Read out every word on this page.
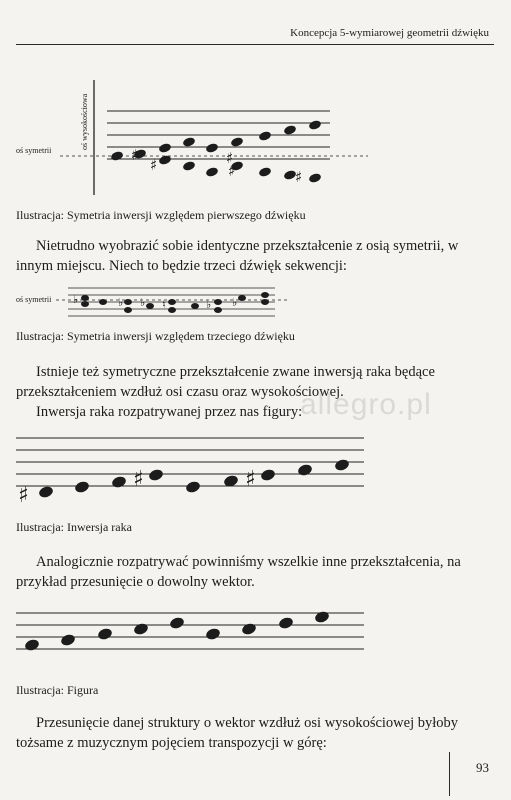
Koncepcja 5-wymiarowej geometrii dźwięku
oś symetrii
oś wysokościowa
♯
♯	♯
♯	♯
Ilustracja: Symetria inwersji względem pierwszego dźwięku
Nietrudno wyobrazić sobie identyczne przekształcenie z osią symetrii, w innym miejscu. Niech to będzie trzeci dźwięk sekwencji:
oś symetrii ♭	♭ ♭ ♮	♭ ♭
Ilustracja: Symetria inwersji względem trzeciego dźwięku
Istnieje też symetryczne przekształcenie zwane inwersją raka będące przekształceniem wzdłuż osi czasu oraz wysokościowej.
Inwersja raka rozpatrywanej przez nas figury:
allegro.pl
♯
♯	♯
Ilustracja: Inwersja raka
Analogicznie rozpatrywać powinniśmy wszelkie inne przekształcenia, na przykład przesunięcie o dowolny wektor.
Ilustracja: Figura
Przesunięcie danej struktury o wektor wzdłuż osi wysokościowej byłoby tożsame z muzycznym pojęciem transpozycji w górę:
93
